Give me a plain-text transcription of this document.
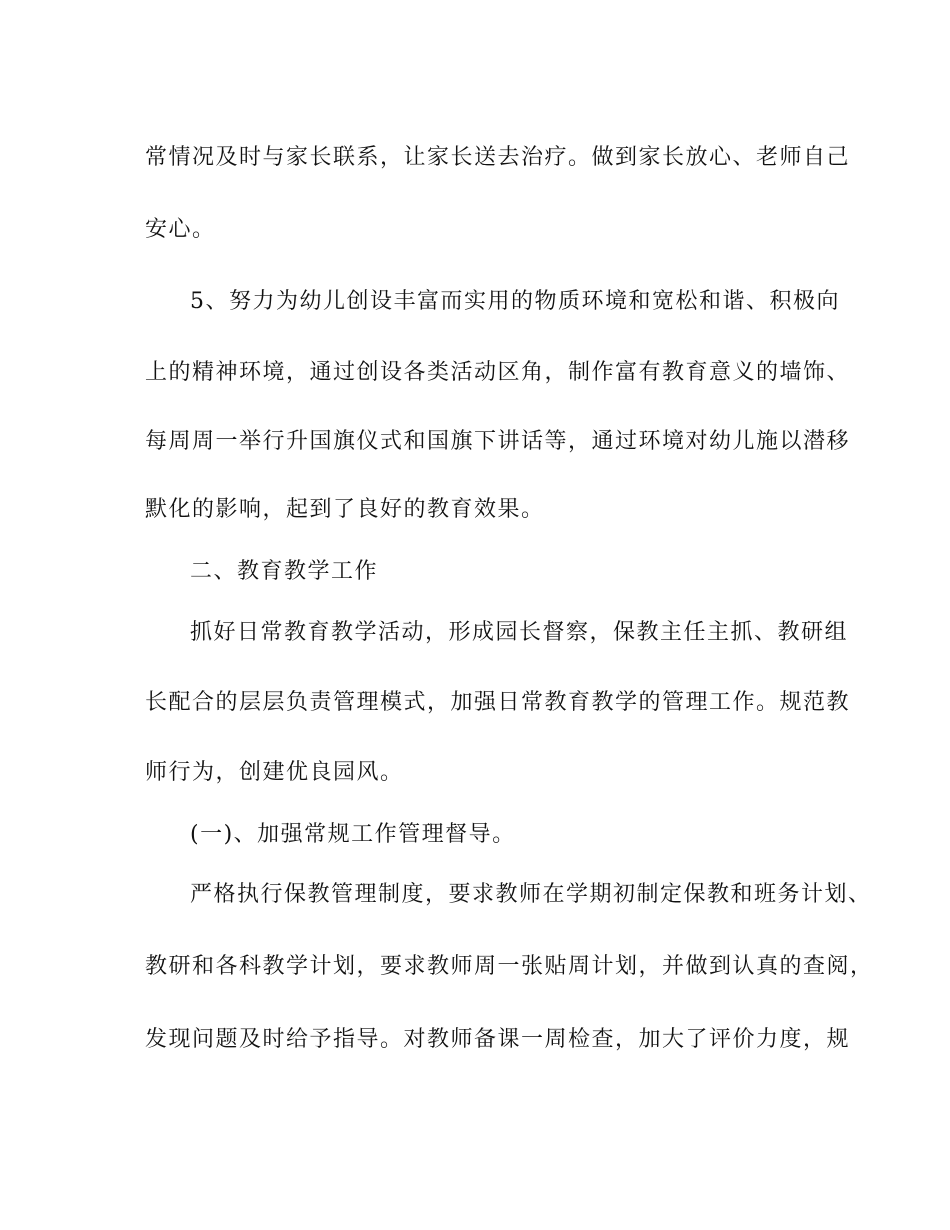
常情况及时与家长联系，让家长送去治疗。做到家长放心、老师自己
安心。
5、努力为幼儿创设丰富而实用的物质环境和宽松和谐、积极向
上的精神环境，通过创设各类活动区角，制作富有教育意义的墙饰、
每周周一举行升国旗仪式和国旗下讲话等，通过环境对幼儿施以潜移
默化的影响，起到了良好的教育效果。
二、教育教学工作
抓好日常教育教学活动，形成园长督察，保教主任主抓、教研组
长配合的层层负责管理模式，加强日常教育教学的管理工作。规范教
师行为，创建优良园风。
(一)、加强常规工作管理督导。
严格执行保教管理制度，要求教师在学期初制定保教和班务计划、
教研和各科教学计划，要求教师周一张贴周计划，并做到认真的查阅，
发现问题及时给予指导。对教师备课一周检查，加大了评价力度，规
